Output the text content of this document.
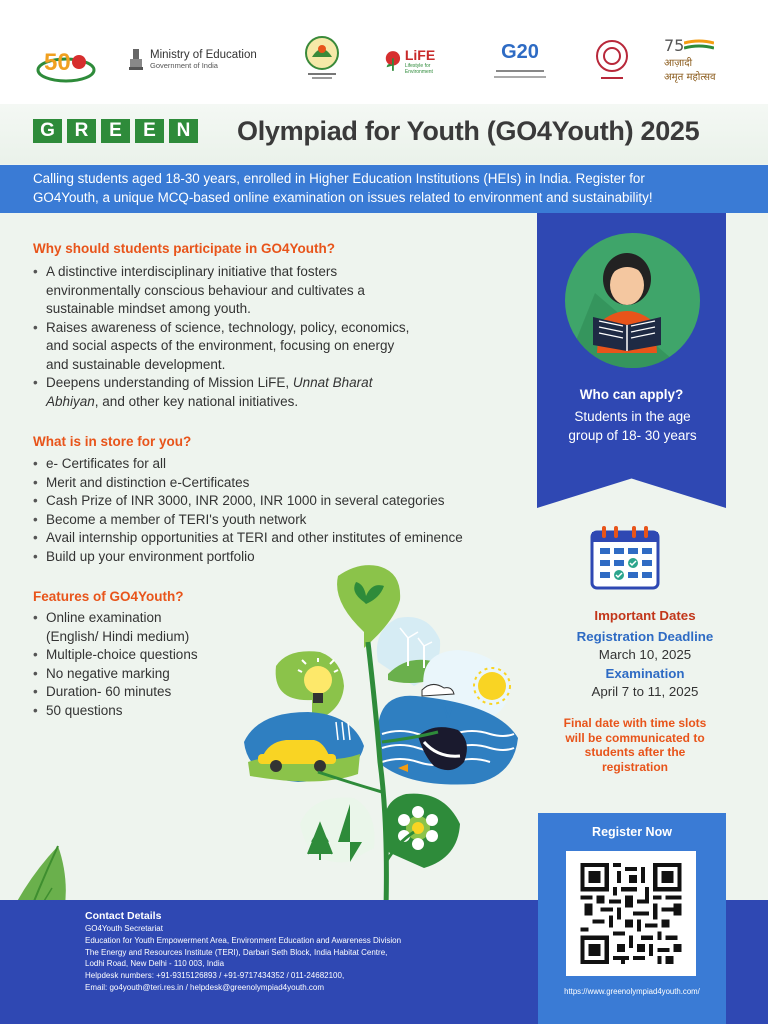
50	Ministry of Education
Government of India
LiFE
Lifestyle for Environment
G20	75
आज़ादी
अमृत महोत्सव
G	R	E	E	N Olympiad for Youth (GO4Youth) 2025
Calling students aged 18-30 years, enrolled in Higher Education Institutions (HEIs) in India. Register for
GO4Youth, a unique MCQ-based online examination on issues related to environment and sustainability!
Who can apply?
Students in the age group of 18- 30 years
Why should students participate in GO4Youth?
• A distinctive interdisciplinary initiative that fosters
environmentally conscious behaviour and cultivates a
sustainable mindset among youth.
• Raises awareness of science, technology, policy, economics,
and social aspects of the environment, focusing on energy
and sustainable development.
• Deepens understanding of Mission LiFE, Unnat Bharat Abhiyan, and other key national initiatives.
What is in store for you?
• e- Certificates for all
• Merit and distinction e-Certificates
• Cash Prize of INR 3000, INR 2000, INR 1000 in several categories
• Become a member of TERI's youth network
• Avail internship opportunities at TERI and other institutes of eminence
• Build up your environment portfolio
Features of GO4Youth?
• Online examination
(English/ Hindi medium)
• Multiple-choice questions
• No negative marking
• Duration- 60 minutes
• 50 questions
Important Dates
Registration Deadline
March 10, 2025
Examination
April 7 to 11, 2025
Final date with time slots will be communicated to students after the registration
Contact Details
GO4Youth Secretariat
Education for Youth Empowerment Area, Environment Education and Awareness Division
The Energy and Resources Institute (TERI), Darbari Seth Block, India Habitat Centre,
Lodhi Road, New Delhi - 110 003, India
Helpdesk numbers: +91-9315126893 / +91-9717434352 / 011-24682100,
Email: go4youth@teri.res.in / helpdesk@greenolympiad4youth.com
Register Now
https://www.greenolympiad4youth.com/
